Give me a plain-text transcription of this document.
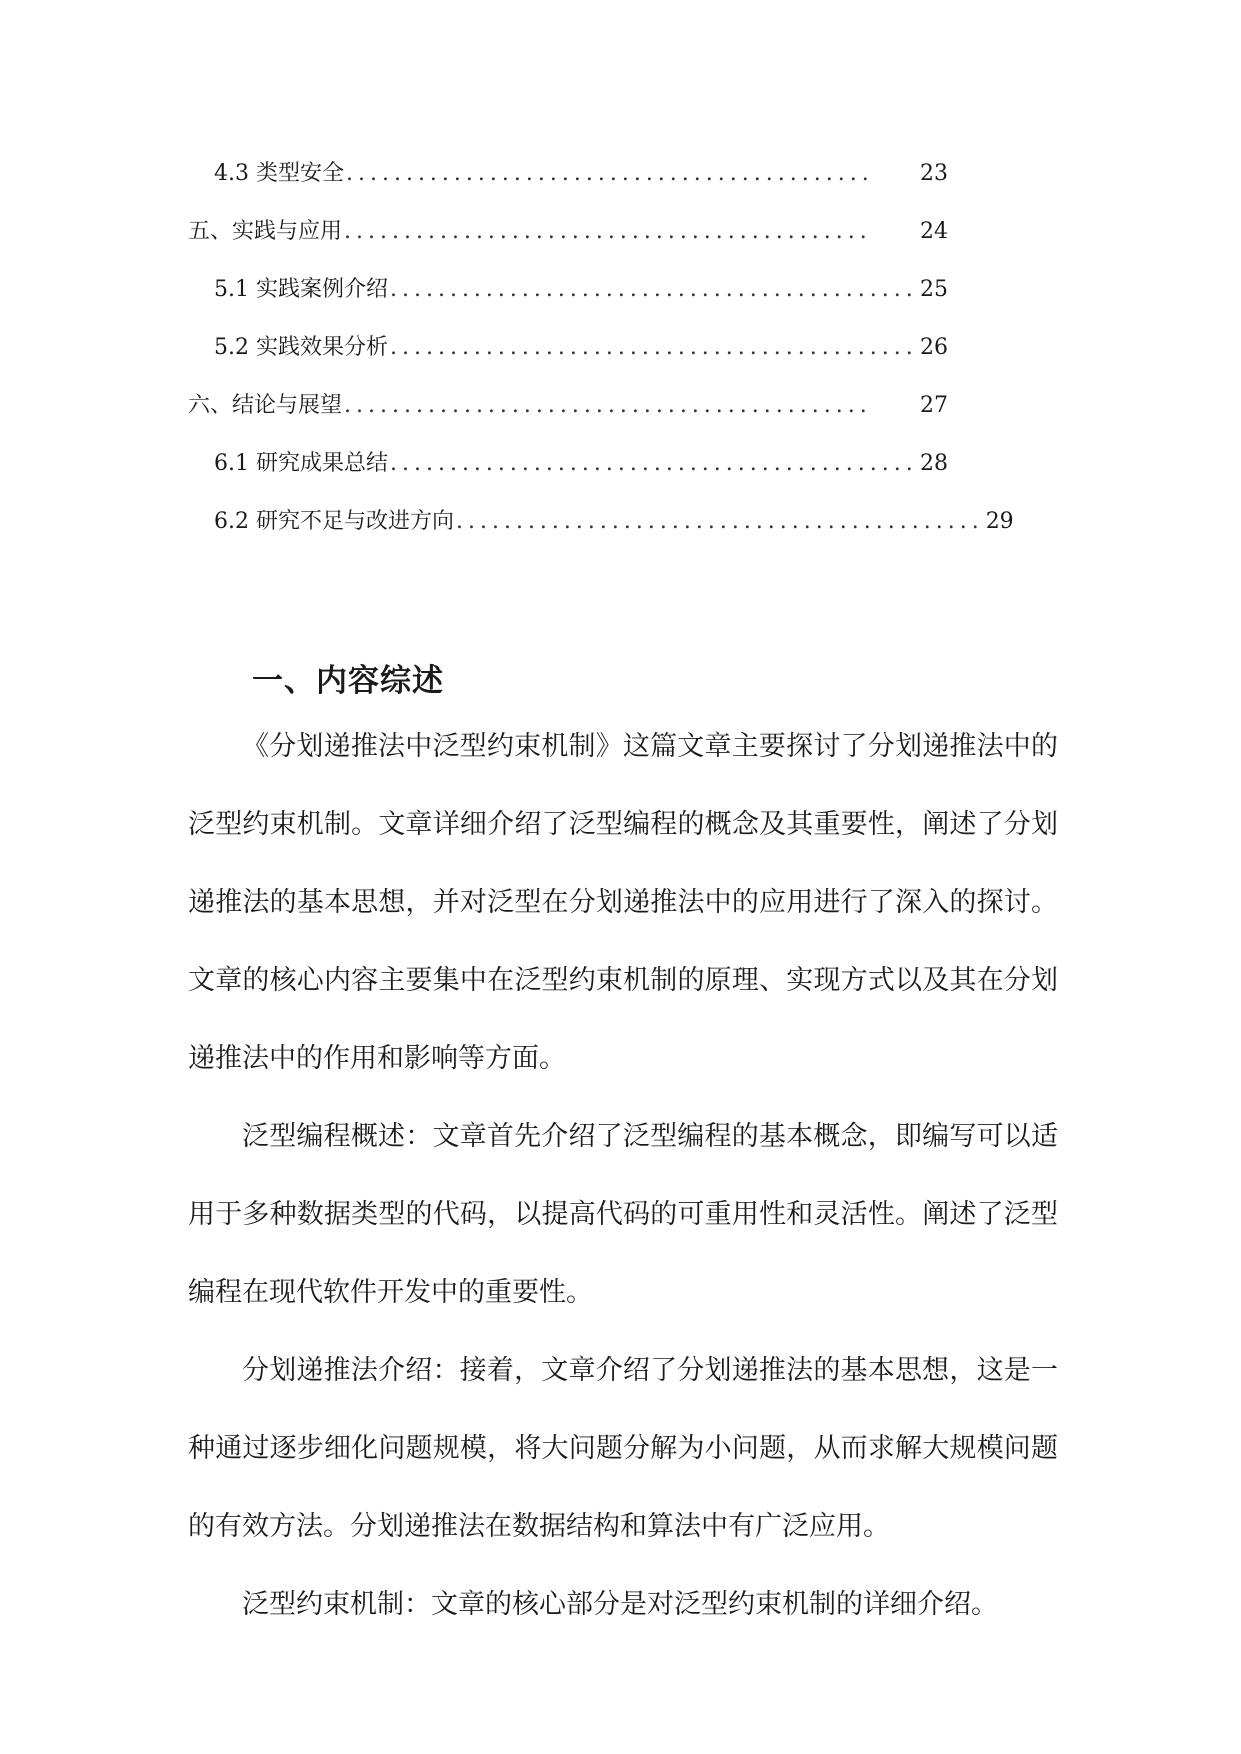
4.3 类型安全 ............................................	23
五、实践与应用 ............................................	24
5.1 实践案例介绍 ............................................ 25
5.2 实践效果分析 ............................................ 26
六、结论与展望 ............................................	27
6.1 研究成果总结 ............................................ 28
6.2 研究不足与改进方向 ............................................ 29
一、内容综述

《分划递推法中泛型约束机制》这篇文章主要探讨了分划递推法中的泛型约束机制。文章详细介绍了泛型编程的概念及其重要性，阐述了分划递推法的基本思想，并对泛型在分划递推法中的应用进行了深入的探讨。文章的核心内容主要集中在泛型约束机制的原理、实现方式以及其在分划递推法中的作用和影响等方面。

泛型编程概述：文章首先介绍了泛型编程的基本概念，即编写可以适用于多种数据类型的代码，以提高代码的可重用性和灵活性。阐述了泛型编程在现代软件开发中的重要性。

分划递推法介绍：接着，文章介绍了分划递推法的基本思想，这是一种通过逐步细化问题规模，将大问题分解为小问题，从而求解大规模问题的有效方法。分划递推法在数据结构和算法中有广泛应用。

泛型约束机制：文章的核心部分是对泛型约束机制的详细介绍。
